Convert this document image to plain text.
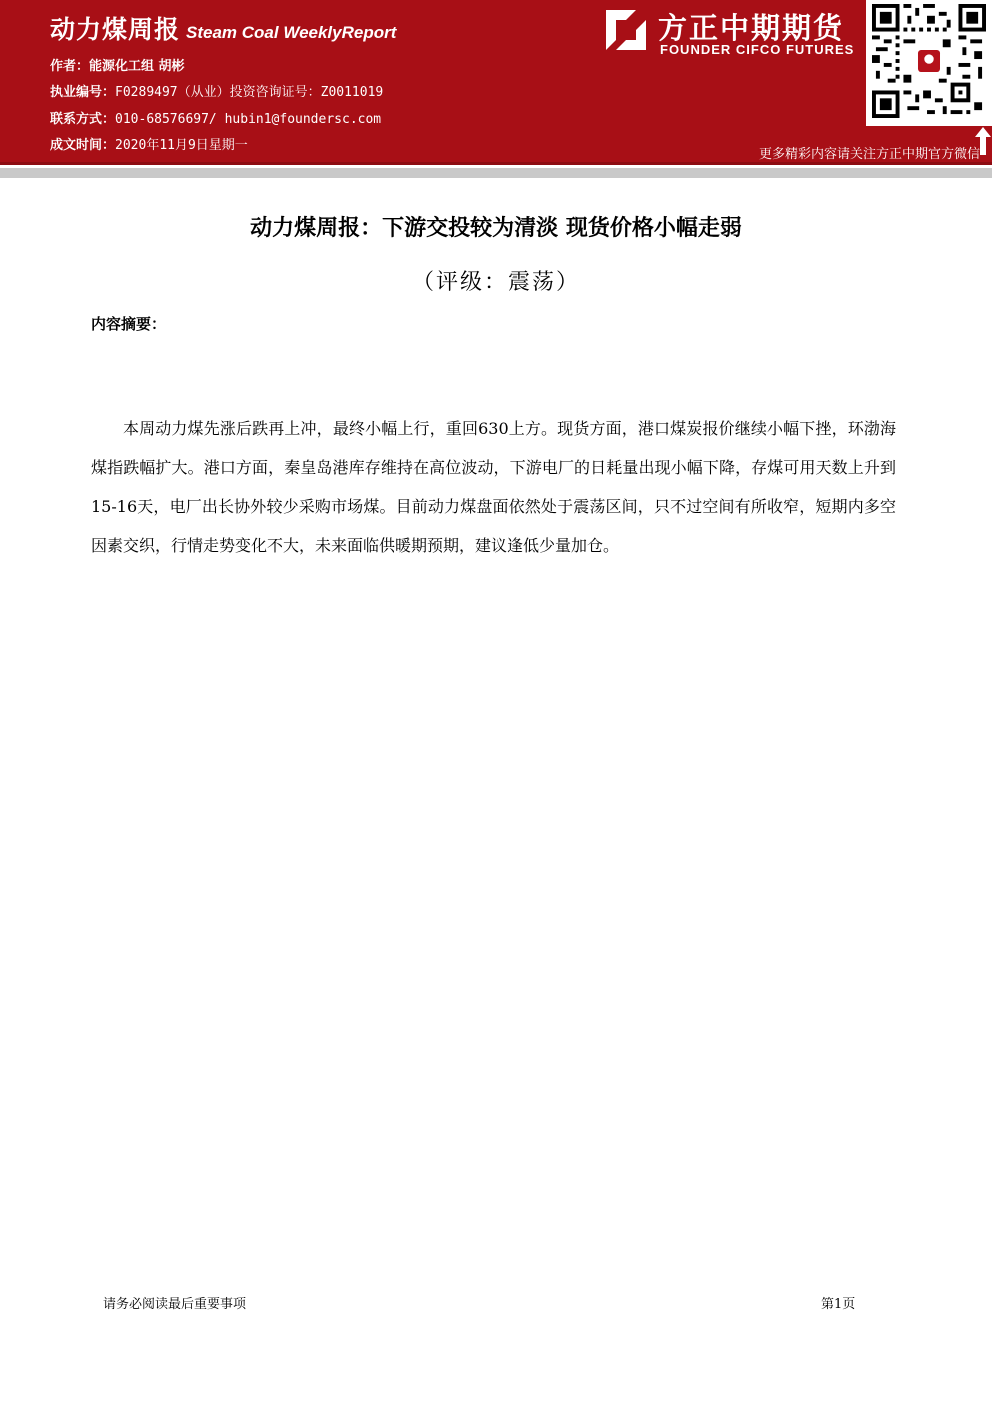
动力煤周报 Steam Coal WeeklyReport
作者：能源化工组 胡彬
执业编号：F0289497（从业）投资咨询证号：Z0011019
联系方式：010-68576697/ hubin1@foundersc.com
成文时间：2020年11月9日星期一
方正中期期货
FOUNDER CIFCO FUTURES
更多精彩内容请关注方正中期官方微信
动力煤周报：下游交投较为清淡 现货价格小幅走弱
（评级：震荡）
内容摘要：

本周动力煤先涨后跌再上冲，最终小幅上行，重回630上方。现货方面，港口煤炭报价继续小幅下挫，环渤海煤指跌幅扩大。港口方面，秦皇岛港库存维持在高位波动，下游电厂的日耗量出现小幅下降，存煤可用天数上升到15-16天，电厂出长协外较少采购市场煤。目前动力煤盘面依然处于震荡区间，只不过空间有所收窄，短期内多空因素交织，行情走势变化不大，未来面临供暖期预期，建议逢低少量加仓。

请务必阅读最后重要事项	第1页
